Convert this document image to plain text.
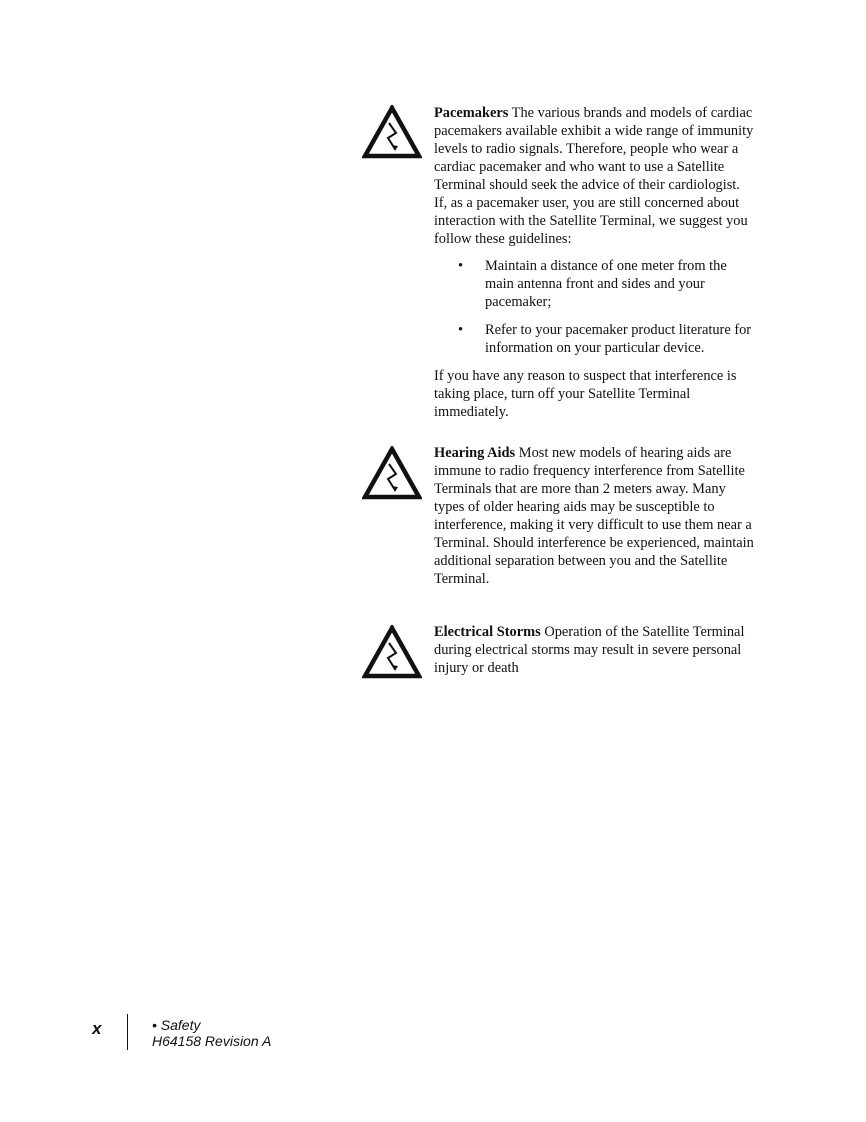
Pacemakers The various brands and models of cardiac pacemakers available exhibit a wide range of immunity levels to radio signals. Therefore, people who wear a cardiac pacemaker and who want to use a Satellite Terminal should seek the advice of their cardiologist. If, as a pacemaker user, you are still concerned about interaction with the Satellite Terminal, we suggest you follow these guidelines:

• Maintain a distance of one meter from the main antenna front and sides and your pacemaker;
• Refer to your pacemaker product literature for information on your particular device.

If you have any reason to suspect that interference is taking place, turn off your Satellite Terminal immediately.

Hearing Aids Most new models of hearing aids are immune to radio frequency interference from Satellite Terminals that are more than 2 meters away. Many types of older hearing aids may be susceptible to interference, making it very difficult to use them near a Terminal. Should interference be experienced, maintain additional separation between you and the Satellite Terminal.

Electrical Storms Operation of the Satellite Terminal during electrical storms may result in severe personal injury or death

x	• Safety
H64158 Revision A
